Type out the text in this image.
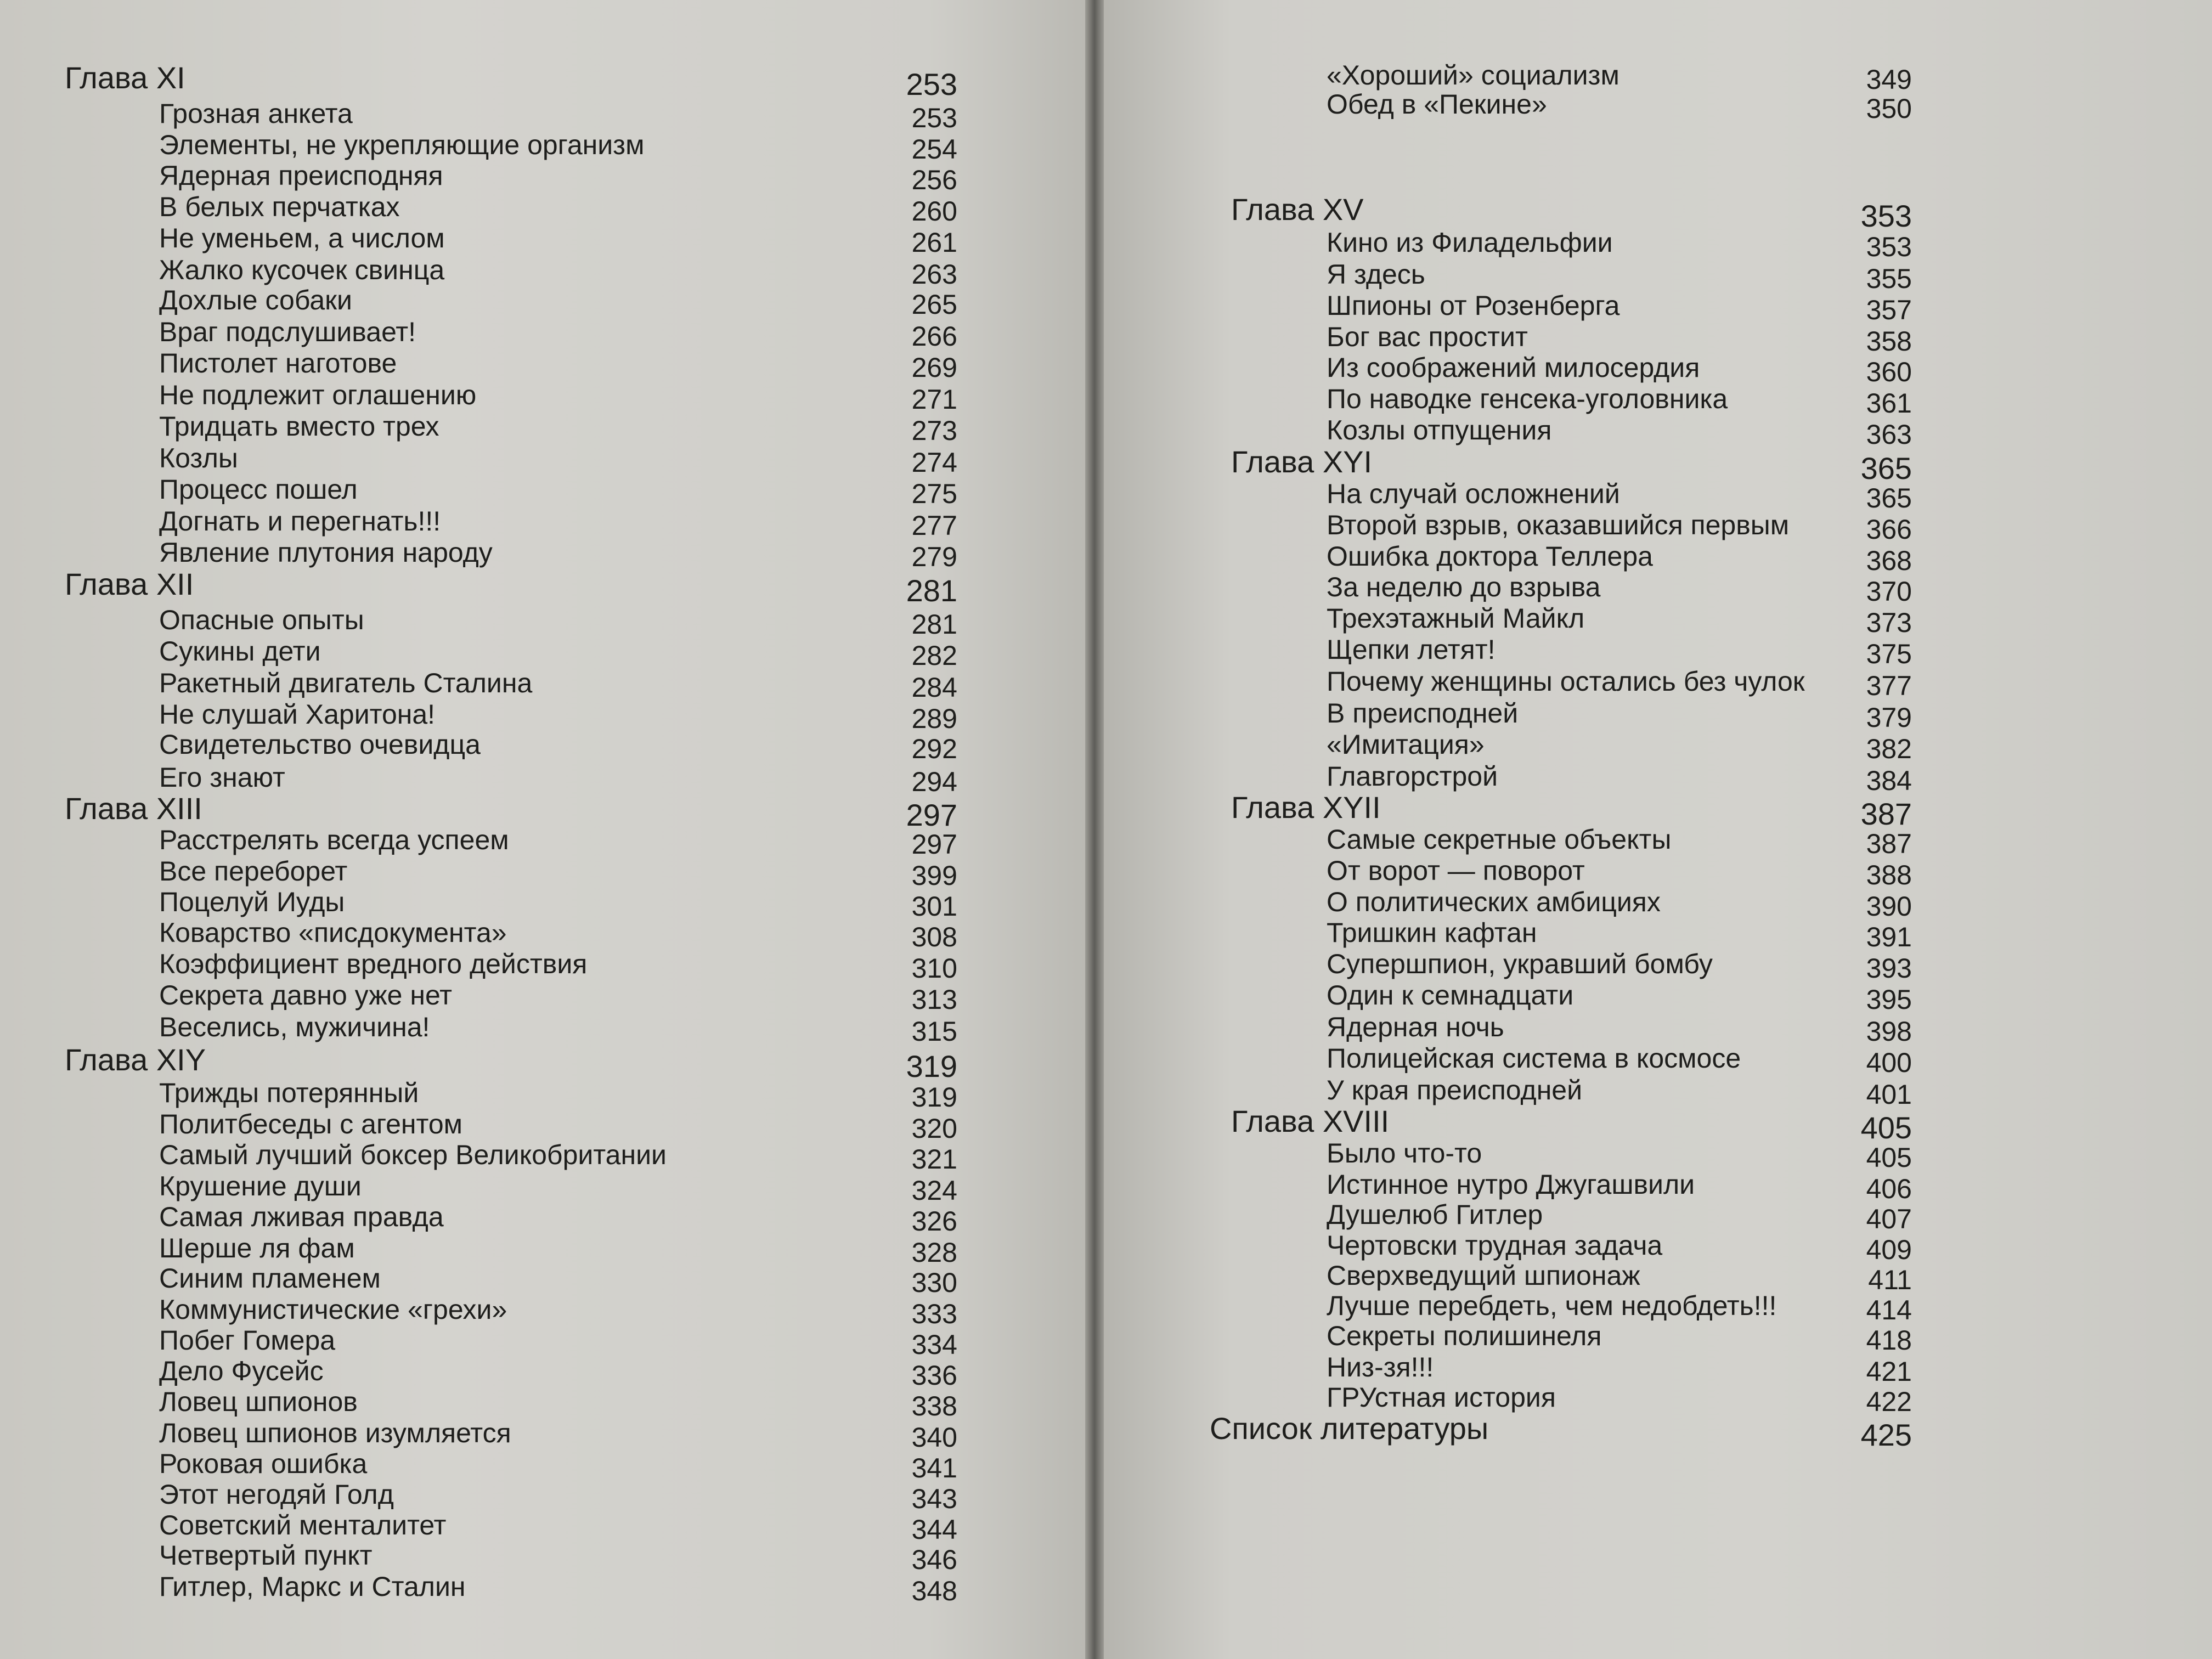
Глава XI	253
Грозная анкета	253
Элементы, не укрепляющие организм	254
Ядерная преисподняя	256
В белых перчатках	260
Не уменьем, а числом	261
Жалко кусочек свинца	263
Дохлые собаки	265
Враг подслушивает!	266
Пистолет наготове	269
Не подлежит оглашению	271
Тридцать вместо трех	273
Козлы	274
Процесс пошел	275
Догнать и перегнать!!!	277
Явление плутония народу	279
Глава XII	281
Опасные опыты	281
Сукины дети	282
Ракетный двигатель Сталина	284
Не слушай Харитона!	289
Свидетельство очевидца	292
Его знают	294
Глава XIII	297
Расстрелять всегда успеем	297
Все переборет	399
Поцелуй Иуды	301
Коварство «писдокумента»	308
Коэффициент вредного действия	310
Секрета давно уже нет	313
Веселись, мужичина!	315
Глава XIY	319
Трижды потерянный	319
Политбеседы с агентом	320
Самый лучший боксер Великобритании	321
Крушение души	324
Самая лживая правда	326
Шерше ля фам	328
Синим пламенем	330
Коммунистические «грехи»	333
Побег Гомера	334
Дело Фусейс	336
Ловец шпионов	338
Ловец шпионов изумляется	340
Роковая ошибка	341
Этот негодяй Голд	343
Советский менталитет	344
Четвертый пункт	346
Гитлер, Маркс и Сталин	348
«Хороший» социализм	349
Обед в «Пекине»	350
Глава XV	353
Кино из Филадельфии	353
Я здесь	355
Шпионы от Розенберга	357
Бог вас простит	358
Из соображений милосердия	360
По наводке генсека-уголовника	361
Козлы отпущения	363
Глава XYI	365
На случай осложнений	365
Второй взрыв, оказавшийся первым	366
Ошибка доктора Теллера	368
За неделю до взрыва	370
Трехэтажный Майкл	373
Щепки летят!	375
Почему женщины остались без чулок	377
В преисподней	379
«Имитация»	382
Главгорстрой	384
Глава XYII	387
Самые секретные объекты	387
От ворот — поворот	388
О политических амбициях	390
Тришкин кафтан	391
Супершпион, укравший бомбу	393
Один к семнадцати	395
Ядерная ночь	398
Полицейская система в космосе	400
У края преисподней	401
Глава XVIII	405
Было что-то	405
Истинное нутро Джугашвили	406
Душелюб Гитлер	407
Чертовски трудная задача	409
Сверхведущий шпионаж	411
Лучше перебдеть, чем недобдеть!!!	414
Секреты полишинеля	418
Низ-зя!!!	421
ГРУстная история	422
Список литературы	425
